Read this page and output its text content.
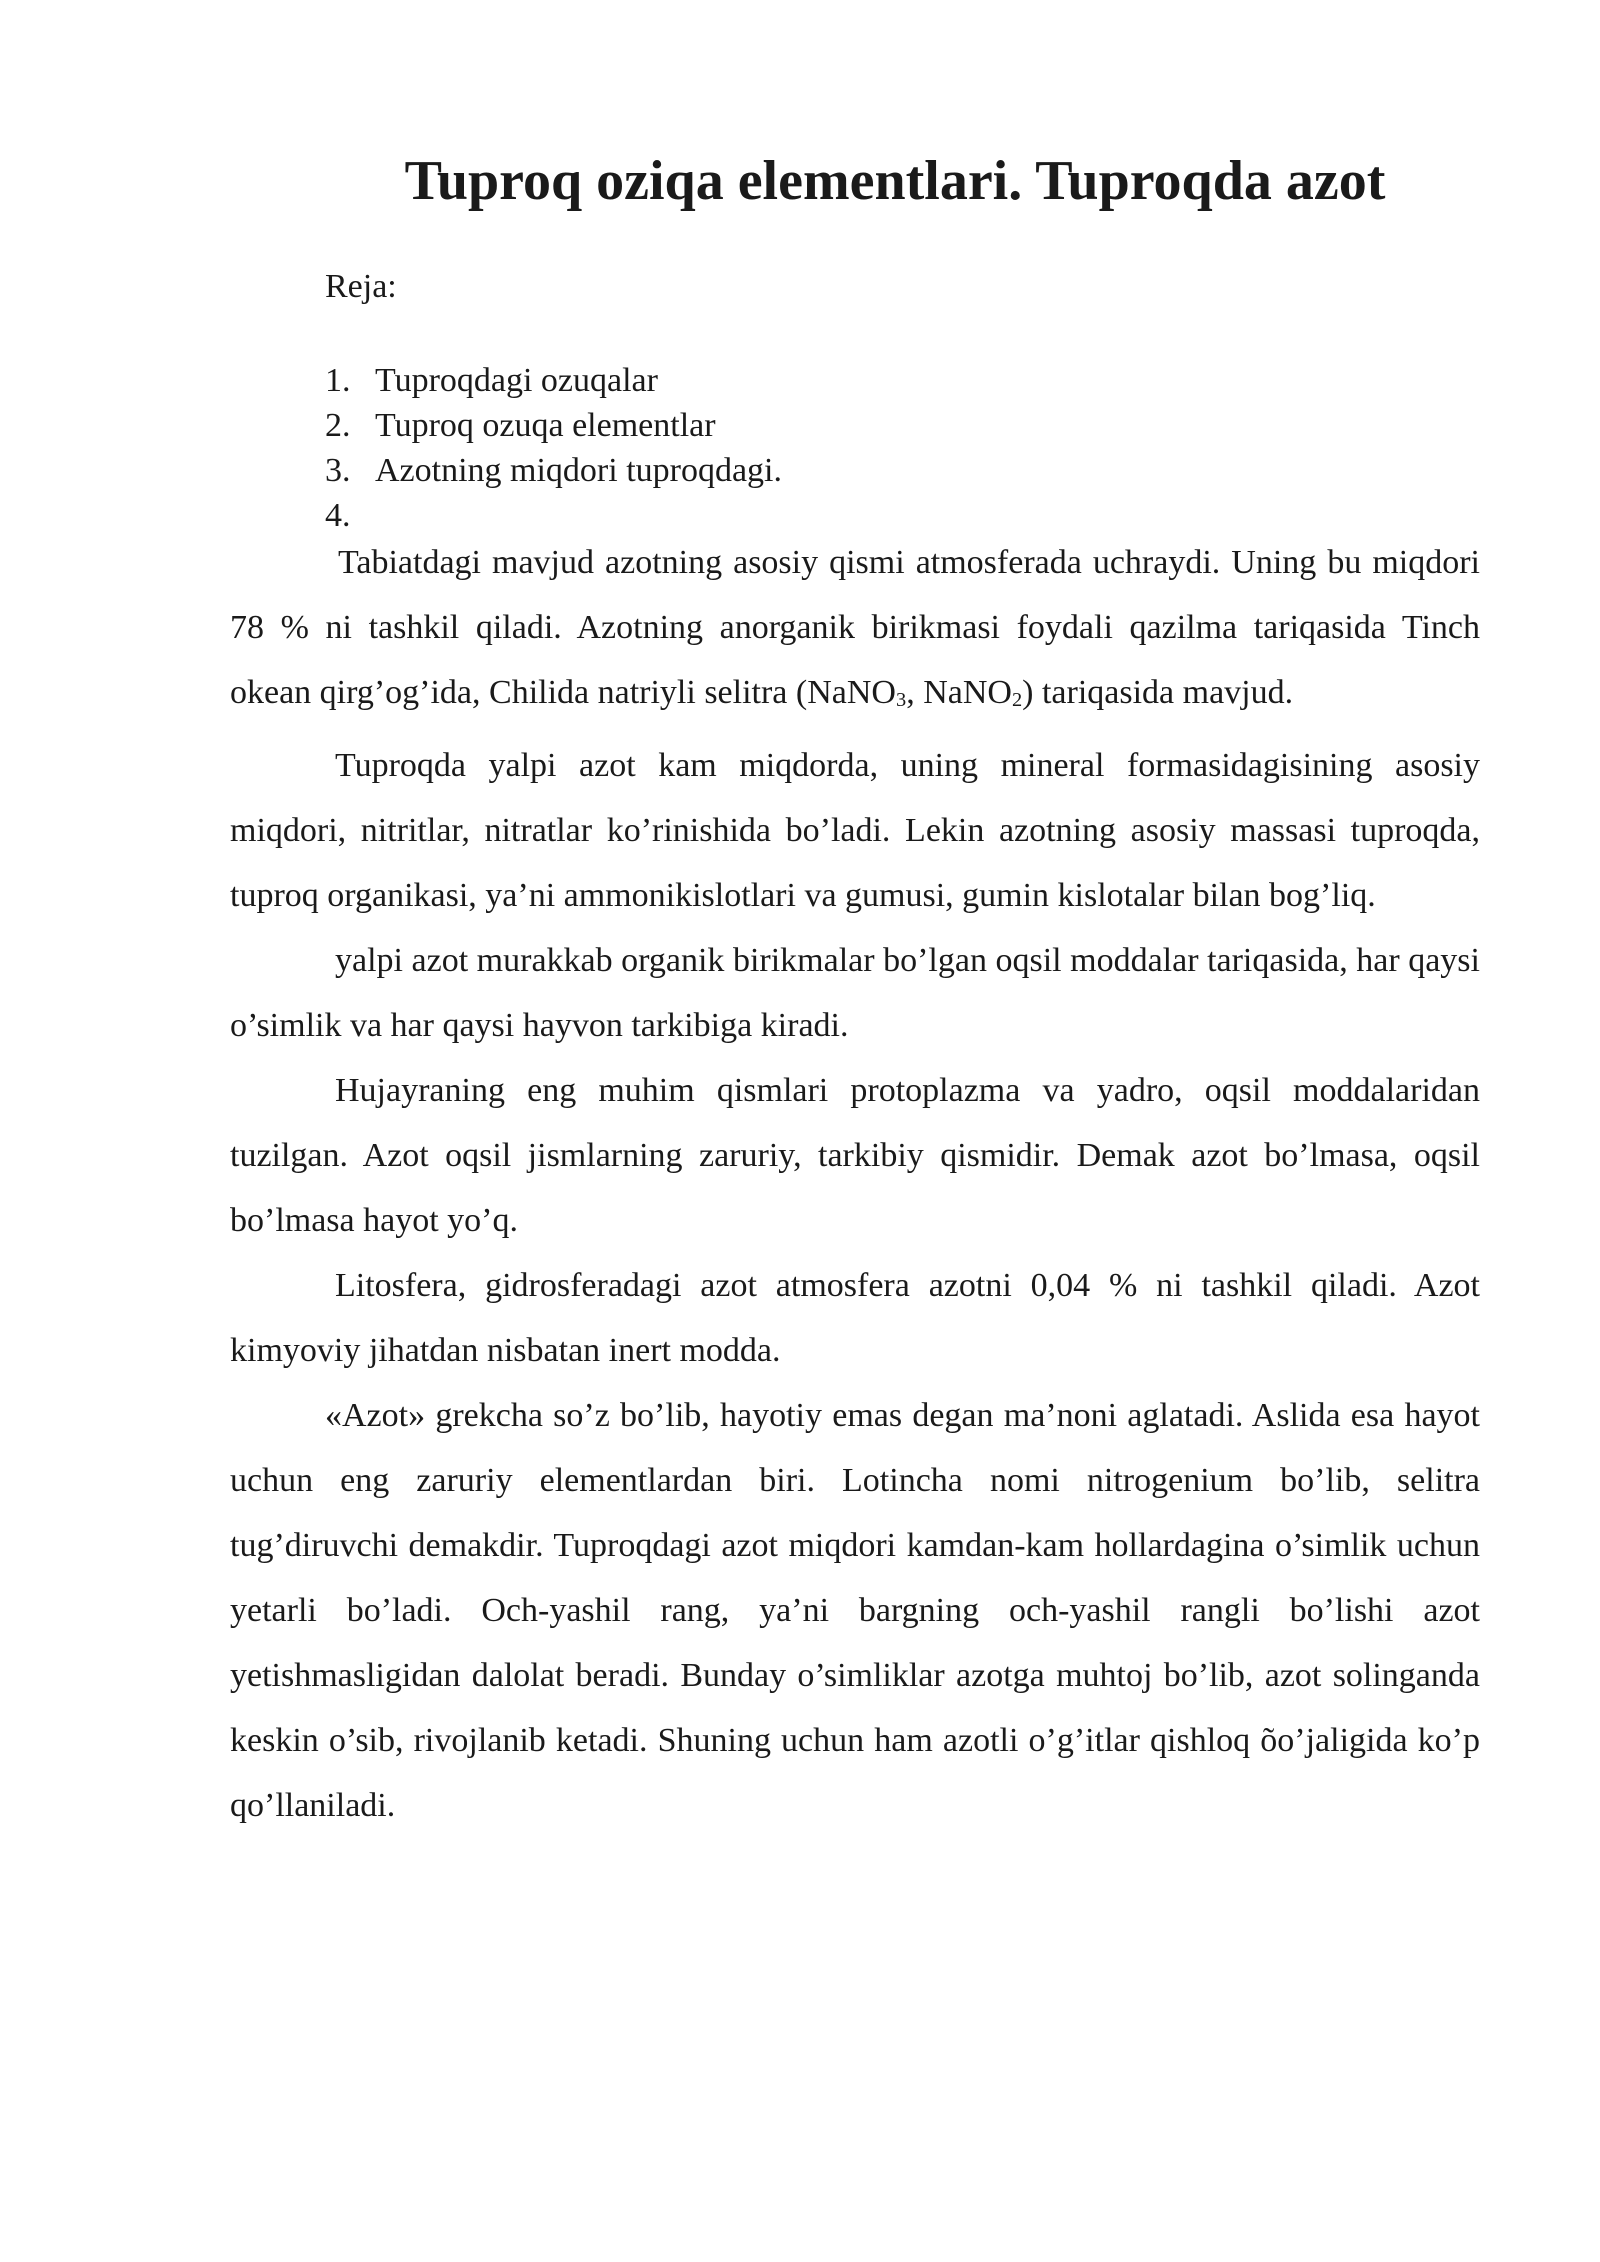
Tuproq oziqa elementlari. Tuproqda azot

Reja:

1. Tuproqdagi ozuqalar
2. Tuproq ozuqa elementlar
3. Azotning miqdori tuproqdagi.
4.

Tabiatdagi mavjud azotning asosiy qismi atmosferada uchraydi. Uning bu miqdori 78 % ni tashkil qiladi. Azotning anorganik birikmasi foydali qazilma tariqasida Tinch okean qirg’og’ida, Chilida natriyli selitra (NaNO$_3$, NaNO$_2$) tariqasida mavjud.

Tuproqda yalpi azot kam miqdorda, uning mineral formasidagisining asosiy miqdori, nitritlar, nitratlar ko’rinishida bo’ladi. Lekin azotning asosiy massasi tuproqda, tuproq organikasi, ya’ni ammonikislotlari va gumusi, gumin kislotalar bilan bog’liq.

yalpi azot murakkab organik birikmalar bo’lgan oqsil moddalar tariqasida, har qaysi o’simlik va har qaysi hayvon tarkibiga kiradi.

Hujayraning eng muhim qismlari protoplazma va yadro, oqsil moddalaridan tuzilgan. Azot oqsil jismlarning zaruriy, tarkibiy qismidir. Demak azot bo’lmasa, oqsil bo’lmasa hayot yo’q.

Litosfera, gidrosferadagi azot atmosfera azotni 0,04 % ni tashkil qiladi. Azot kimyoviy jihatdan nisbatan inert modda.

«Azot» grekcha so’z bo’lib, hayotiy emas degan ma’noni aglatadi. Aslida esa hayot uchun eng zaruriy elementlardan biri. Lotincha nomi nitrogenium bo’lib, selitra tug’diruvchi demakdir. Tuproqdagi azot miqdori kamdan-kam hollardagina o’simlik uchun yetarli bo’ladi. Och-yashil rang, ya’ni bargning och-yashil rangli bo’lishi azot yetishmasligidan dalolat beradi. Bunday o’simliklar azotga muhtoj bo’lib, azot solinganda keskin o’sib, rivojlanib ketadi. Shuning uchun ham azotli o’g’itlar qishloq õo’jaligida ko’p qo’llaniladi.
